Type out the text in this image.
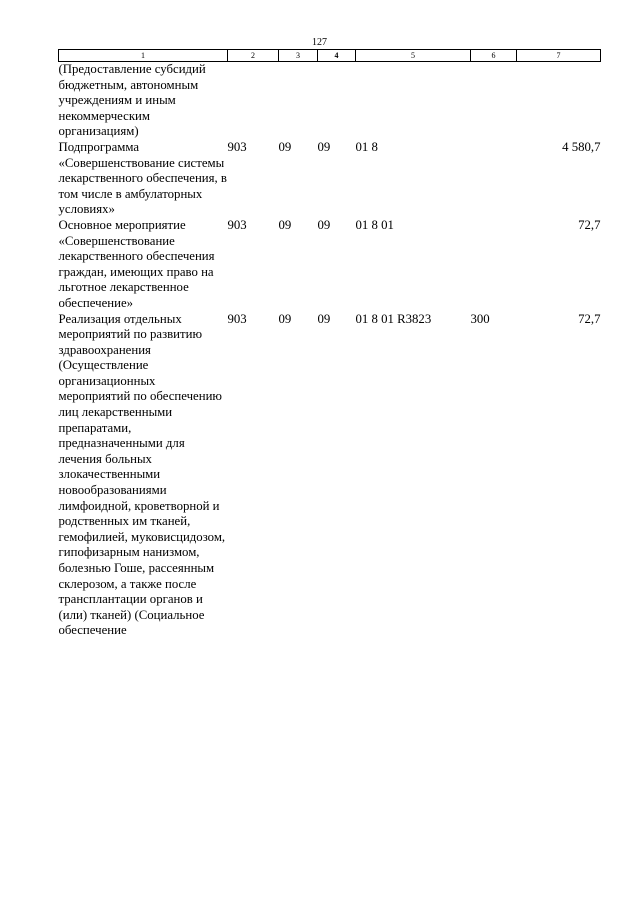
127
1	2	3	4	5	6	7
(Предоставление субсидий бюджетным, автономным учреждениям и иным некоммерческим организациям)						
Подпрограмма «Совершенствование системы лекарственного обеспечения, в том числе в амбулаторных условиях»	903	09	09	01 8		4 580,7
Основное мероприятие «Совершенствование лекарственного обеспечения граждан, имеющих право на льготное лекарственное обеспечение»	903	09	09	01 8 01		72,7
Реализация отдельных мероприятий по развитию здравоохранения (Осуществление организационных мероприятий по обеспечению лиц лекарственными препаратами, предназначенными для лечения больных злокачественными новообразованиями лимфоидной, кроветворной и родственных им тканей, гемофилией, муковисцидозом, гипофизарным нанизмом, болезнью Гоше, рассеянным склерозом, а также после трансплантации органов и (или) тканей) (Социальное обеспечение	903	09	09	01 8 01 R3823	300	72,7
